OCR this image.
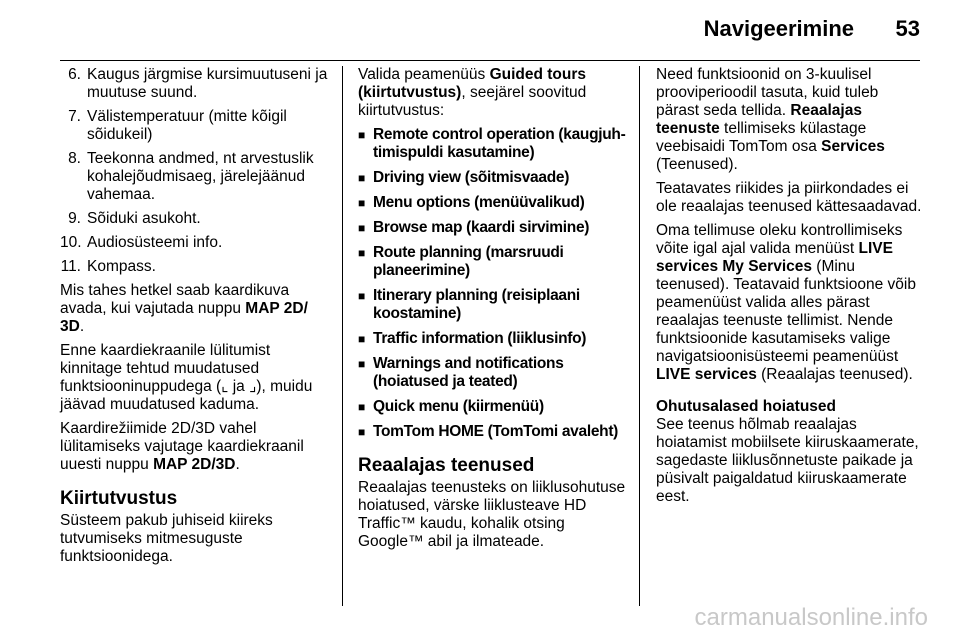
Navigeerimine 53
6. Kaugus järgmise kursimuutuseni ja muutuse suund.
7. Välistemperatuur (mitte kõigil sõidukeil)
8. Teekonna andmed, nt arvestuslik kohalejõudmisaeg, järelejäänud vahemaa.
9. Sõiduki asukoht.
10. Audiosüsteemi info.
11. Kompass.

Mis tahes hetkel saab kaardikuva avada, kui vajutada nuppu MAP 2D/ 3D.

Enne kaardiekraanile lülitumist kinnitage tehtud muudatused funktsiooninuppudega (⌞ ja ⌟), muidu jäävad muudatused kaduma.

Kaardirežiimide 2D/3D vahel lülitamiseks vajutage kaardiekraanil uuesti nuppu MAP 2D/3D.

Kiirtutvustus

Süsteem pakub juhiseid kiireks tutvumiseks mitmesuguste funktsioonidega.

Valida peamenüüs Guided tours (kiirtutvustus), seejärel soovitud kiirtutvustus:

■ Remote control operation (kaugjuhtimispuldi kasutamine)
■ Driving view (sõitmisvaade)
■ Menu options (menüüvalikud)
■ Browse map (kaardi sirvimine)
■ Route planning (marsruudi planeerimine)
■ Itinerary planning (reisiplaani koostamine)
■ Traffic information (liiklusinfo)
■ Warnings and notifications (hoiatused ja teated)
■ Quick menu (kiirmenüü)
■ TomTom HOME (TomTomi avaleht)
Reaalajas teenused

Reaalajas teenusteks on liiklusohutuse hoiatused, värske liiklusteave HD Traffic™ kaudu, kohalik otsing Google™ abil ja ilmateade.

Need funktsioonid on 3-kuulisel prooviperioodil tasuta, kuid tuleb pärast seda tellida. Reaalajas teenuste tellimiseks külastage veebisaidi TomTom osa Services (Teenused).

Teatavates riikides ja piirkondades ei ole reaalajas teenused kättesaadavad.

Oma tellimuse oleku kontrollimiseks võite igal ajal valida menüüst LIVE services My Services (Minu teenused). Teatavaid funktsioone võib peamenüüst valida alles pärast reaalajas teenuste tellimist. Nende funktsioonide kasutamiseks valige navigatsioonisüsteemi peamenüüst LIVE services (Reaalajas teenused).

Ohutusalased hoiatused

See teenus hõlmab reaalajas hoiatamist mobiilsete kiiruskaamerate, sagedaste liiklusõnnetuste paikade ja püsivalt paigaldatud kiiruskaamerate eest.

carmanualsonline.info
